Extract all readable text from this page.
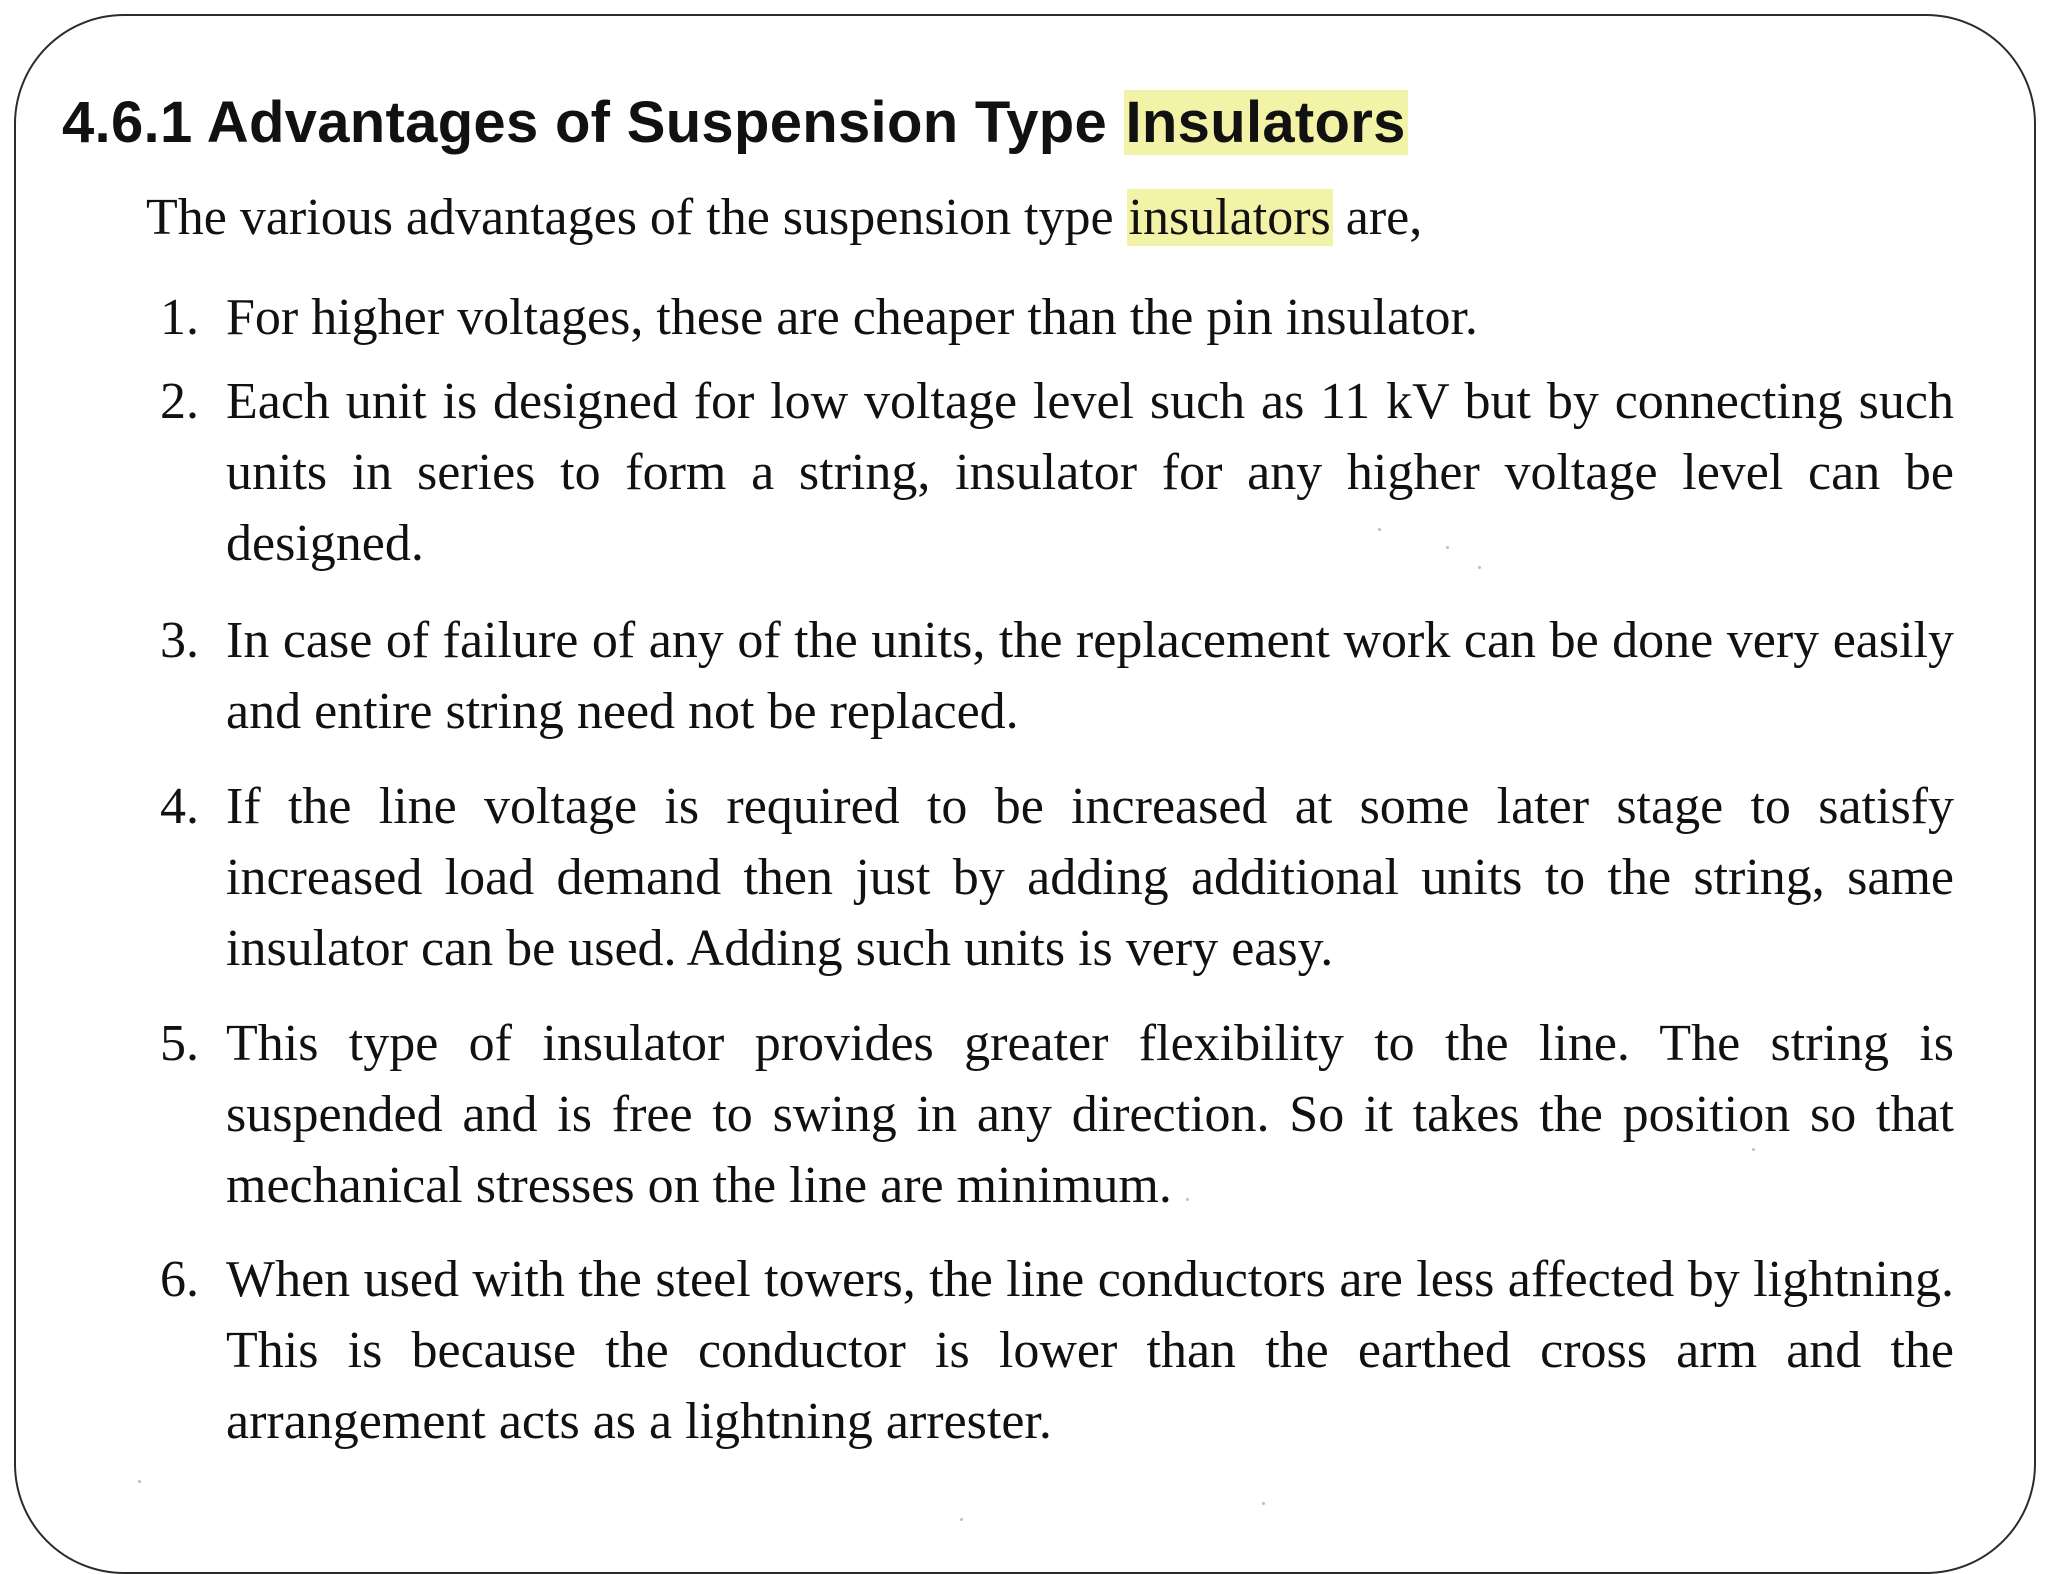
4.6.1 Advantages of Suspension Type Insulators

The various advantages of the suspension type insulators are,

1. For higher voltages, these are cheaper than the pin insulator.
2. Each unit is designed for low voltage level such as 11 kV but by connecting such units in series to form a string, insulator for any higher voltage level can be designed.
3. In case of failure of any of the units, the replacement work can be done very easily and entire string need not be replaced.
4. If the line voltage is required to be increased at some later stage to satisfy increased load demand then just by adding additional units to the string, same insulator can be used. Adding such units is very easy.
5. This type of insulator provides greater flexibility to the line. The string is suspended and is free to swing in any direction. So it takes the position so that mechanical stresses on the line are minimum.
6. When used with the steel towers, the line conductors are less affected by lightning. This is because the conductor is lower than the earthed cross arm and the arrangement acts as a lightning arrester.
